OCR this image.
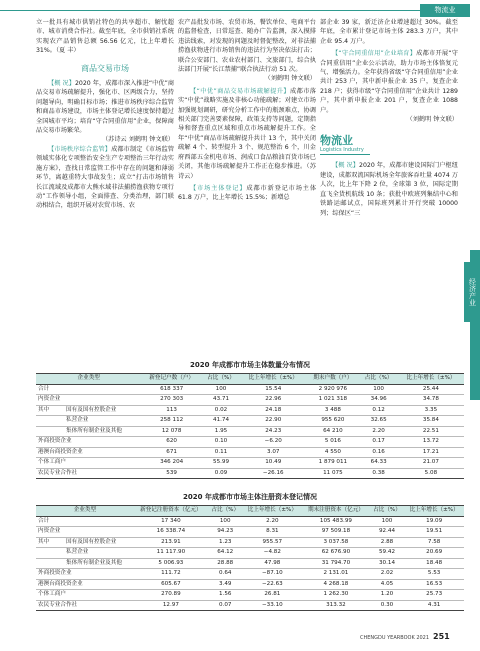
物流业
经济产业

立一批具有城市供销社特色的共享超市、解忧超市、城市消费合作社。截至年底，全市供销社系统实现农产品销售总额 56.56 亿元，比上年增长 31%。（夏 丰）

商品交易市场

【概 况】2020 年，成都市深入推进“中优”商品交易市场疏解提升，强化市、区两级合力，坚持问题导向，明确目标市场；推进市场秩序综合监管和商品市场建设，市场主体登记增长速度保持超过全国城市平均；培育“守合同重信用”企业，保障商品交易市场繁荣。

（苏诗云 刘鹤明 钟文联）

【市场秩序综合监管】成都市制定《市场监管领域实体化专项整治安全生产专项整治三年行动实施方案》，查找日常监管工作中存在的问题和薄弱环节，离越重特大事故发生；成立“打击市场销售长江流域及成都市大熊水域非法捕捞渔获物专项行动”工作领导小组，全面排查、分类治理，部门联动相结合，组织开展对农贸市场、农

农产品批发市场、农贸市场、餐饮单位、电商平台的监督检查，日常巡查、随办广告监测，深入摸排违法线索，对发现的问题及时督促整改，对非法捕捞渔获物进行市场销售的违法行为坚决依法打击；联合公安部门、农业农村部门、文旅部门，综合执法部门开展“长江禁捕”联合执法行动 51 次。

（刘鹤明 钟文联）

【“中优”商品交易市场疏解提升】成都市落实“中优”战略实施及非核心功能疏解；对建立市场加强规划调研，研究分析工作中的瓶颈难点，协调相关部门完善要素保障，政策支持等问题，定期指导和督查重点区域和重点市场疏解提升工作。全年“中优”商品市场疏解提升共计 13 个，其中关闭疏解 4 个、转型提升 3 个、规范整治 6 个，川金府西部五金机电市场、润成口食品粮油百货市场已关闭，其他市场疏解提升工作正在稳步推进。（苏诗云）

【市场主体登记】成都市新登记市场主体 61.8 万户，比上年增长 15.5%；新增总

部企业 39 家，新迁济企业增速超过 30%。截至年底，全市累计登记市场主体 283.3 万户，其中企业 95.4 万户。

【“守合同重信用”企业培育】成都市开展“守合同重信用”企业公示活动，助力市场主体恪复元气、增强活力。全年获得省级“守合同重信用”企业共计 253 户，其中新申报企业 35 户，复查企业 218 户；获得市级“守合同重信用”企业共计 1289 户，其中新申报企业 201 户，复查企业 1088 户。

（刘鹤明 钟文联）

物流业
Logistics Industry

【概 况】2020 年，成都市建设国际门户枢纽建设，成都双流国际机场全年旅客吞吐量 4074 万人次，比上年下降 2 位，全球第 3 位，国际定期直飞全货机航线 10 条；获批中欧班列集结中心和铁路运邮试点，国际班列累计开行突破 10000 列；综保区“三

2020 年成都市市场主体数量分布情况
企业类型		新登记户数（户）	占比（%）	比上年增长（±%）	期末户数（户）	占比（%）	比上年增长（±%）
合计		618 337	100	15.54	2 920 976	100	25.44
内资企业		270 303	43.71	22.96	1 021 318	34.96	34.78
其中	国有及国有控股企业	113	0.02	24.18	3 488	0.12	3.35
	私营企业	258 112	41.74	22.90	955 620	32.65	35.84
	集体所有制企业及其他	12 078	1.95	24.23	64 210	2.20	22.51
外商投资企业		620	0.10	−6.20	5 016	0.17	13.72
港澳台商投资企业		671	0.11	3.07	4 550	0.16	17.21
个体工商户		346 204	55.99	10.49	1 879 011	64.33	21.07
农民专业合作社		539	0.09	−26.16	11 075	0.38	5.08
2020 年成都市市场主体注册资本登记情况
企业类型		新登记注册资本（亿元）	占比（%）	比上年增长（±%）	期末注册资本（亿元）	占比（%）	比上年增长（±%）
合计		17 340	100	2.20	105 483.99	100	19.09
内资企业		16 338.74	94.23	8.31	97 509.18	92.44	19.51
其中	国有及国有控股企业	213.91	1.23	955.57	3 037.58	2.88	7.58
	私营企业	11 117.90	64.12	−4.82	62 676.90	59.42	20.69
	集体所有制企业及其他	5 006.93	28.88	47.98	31 794.70	30.14	18.48
外商投资企业		111.72	0.64	−87.10	2 131.01	2.02	5.53
港澳台商投资企业		605.67	3.49	−22.63	4 268.18	4.05	16.53
个体工商户		270.89	1.56	26.81	1 262.30	1.20	25.73
农民专业合作社		12.97	0.07	−33.10	313.32	0.30	4.31
CHENGDU YEARBOOK 2021 251
